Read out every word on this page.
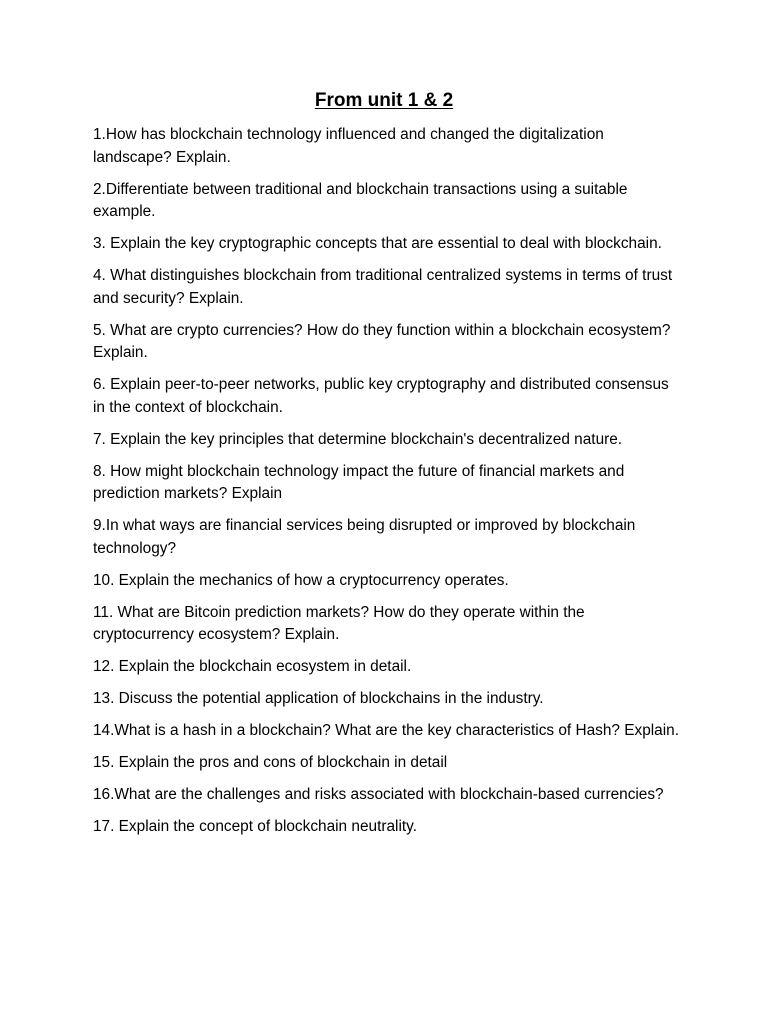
From unit 1 & 2
1.How has blockchain technology influenced and changed the digitalization landscape? Explain.
2.Differentiate between traditional and blockchain transactions using a suitable example.
3. Explain the key cryptographic concepts that are essential to deal with blockchain.
4. What distinguishes blockchain from traditional centralized systems in terms of trust and security? Explain.
5. What are crypto currencies? How do they function within a blockchain ecosystem? Explain.
6. Explain peer-to-peer networks, public key cryptography and distributed consensus in the context of blockchain.
7. Explain the key principles that determine blockchain's decentralized nature.
8. How might blockchain technology impact the future of financial markets and prediction markets? Explain
9.In what ways are financial services being disrupted or improved by blockchain technology?
10. Explain the mechanics of how a cryptocurrency operates.
11. What are Bitcoin prediction markets? How do they operate within the cryptocurrency ecosystem? Explain.
12. Explain the blockchain ecosystem in detail.
13. Discuss the potential application of blockchains in the industry.
14.What is a hash in a blockchain? What are the key characteristics of Hash? Explain.
15. Explain the pros and cons of blockchain in detail
16.What are the challenges and risks associated with blockchain-based currencies?
17. Explain the concept of blockchain neutrality.
